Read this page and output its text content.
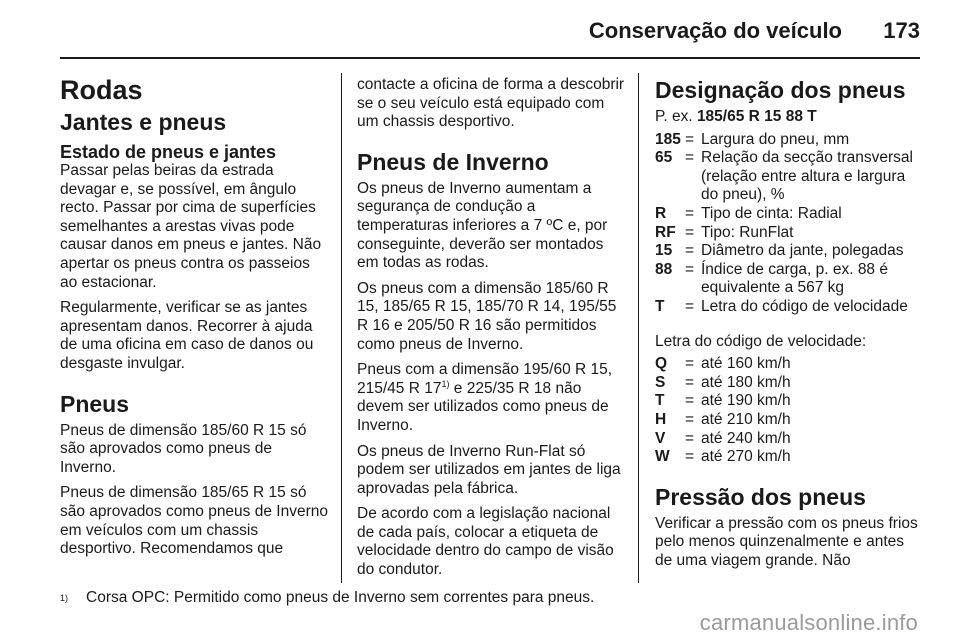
Conservação do veículo 173
Rodas
Jantes e pneus
Estado de pneus e jantes

Passar pelas beiras da estrada devagar e, se possível, em ângulo recto. Passar por cima de superfícies semelhantes a arestas vivas pode causar danos em pneus e jantes. Não apertar os pneus contra os passeios ao estacionar.

Regularmente, verificar se as jantes apresentam danos. Recorrer à ajuda de uma oficina em caso de danos ou desgaste invulgar.

Pneus

Pneus de dimensão 185/60 R 15 só são aprovados como pneus de Inverno.

Pneus de dimensão 185/65 R 15 só são aprovados como pneus de Inverno em veículos com um chassis desportivo. Recomendamos que

contacte a oficina de forma a descobrir se o seu veículo está equipado com um chassis desportivo.

Pneus de Inverno

Os pneus de Inverno aumentam a segurança de condução a temperaturas inferiores a 7 ºC e, por conseguinte, deverão ser montados em todas as rodas.

Os pneus com a dimensão 185/60 R 15, 185/65 R 15, 185/70 R 14, 195/55 R 16 e 205/50 R 16 são permitidos como pneus de Inverno.

Pneus com a dimensão 195/60 R 15, 215/45 R 17$^{1)}$ e 225/35 R 18 não devem ser utilizados como pneus de Inverno.

Os pneus de Inverno Run-Flat só podem ser utilizados em jantes de liga aprovadas pela fábrica.

De acordo com a legislação nacional de cada país, colocar a etiqueta de velocidade dentro do campo de visão do condutor.

Designação dos pneus

P. ex. 185/65 R 15 88 T

185	=	Largura do pneu, mm
65	=	Relação da secção transversal (relação entre altura e largura do pneu), %
R	=	Tipo de cinta: Radial
RF	=	Tipo: RunFlat
15	=	Diâmetro da jante, polegadas
88	=	Índice de carga, p. ex. 88 é equivalente a 567 kg
T	=	Letra do código de velocidade

Letra do código de velocidade:

Q	=	até 160 km/h
S	=	até 180 km/h
T	=	até 190 km/h
H	=	até 210 km/h
V	=	até 240 km/h
W	=	até 270 km/h
Pressão dos pneus

Verificar a pressão com os pneus frios pelo menos quinzenalmente e antes de uma viagem grande. Não

$^{1)}$ Corsa OPC: Permitido como pneus de Inverno sem correntes para pneus.
carmanualsonline.info
